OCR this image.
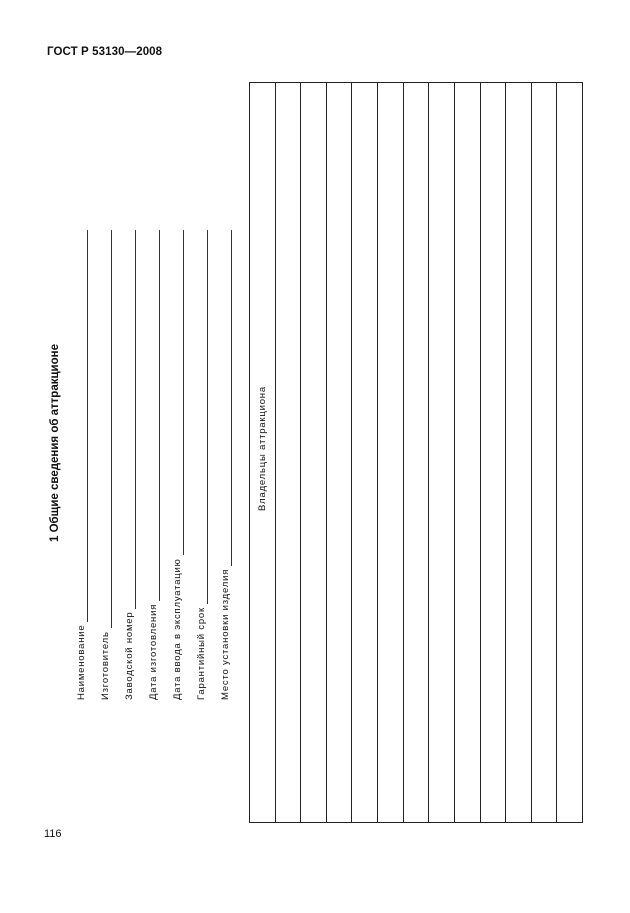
ГОСТ Р 53130—2008
1 Общие сведения об аттракционе
Наименование Изготовитель Заводской номер Дата изготовления Дата ввода в эксплуатацию Гарантийный срок Место установки изделия
Владельцы аттракциона
116
